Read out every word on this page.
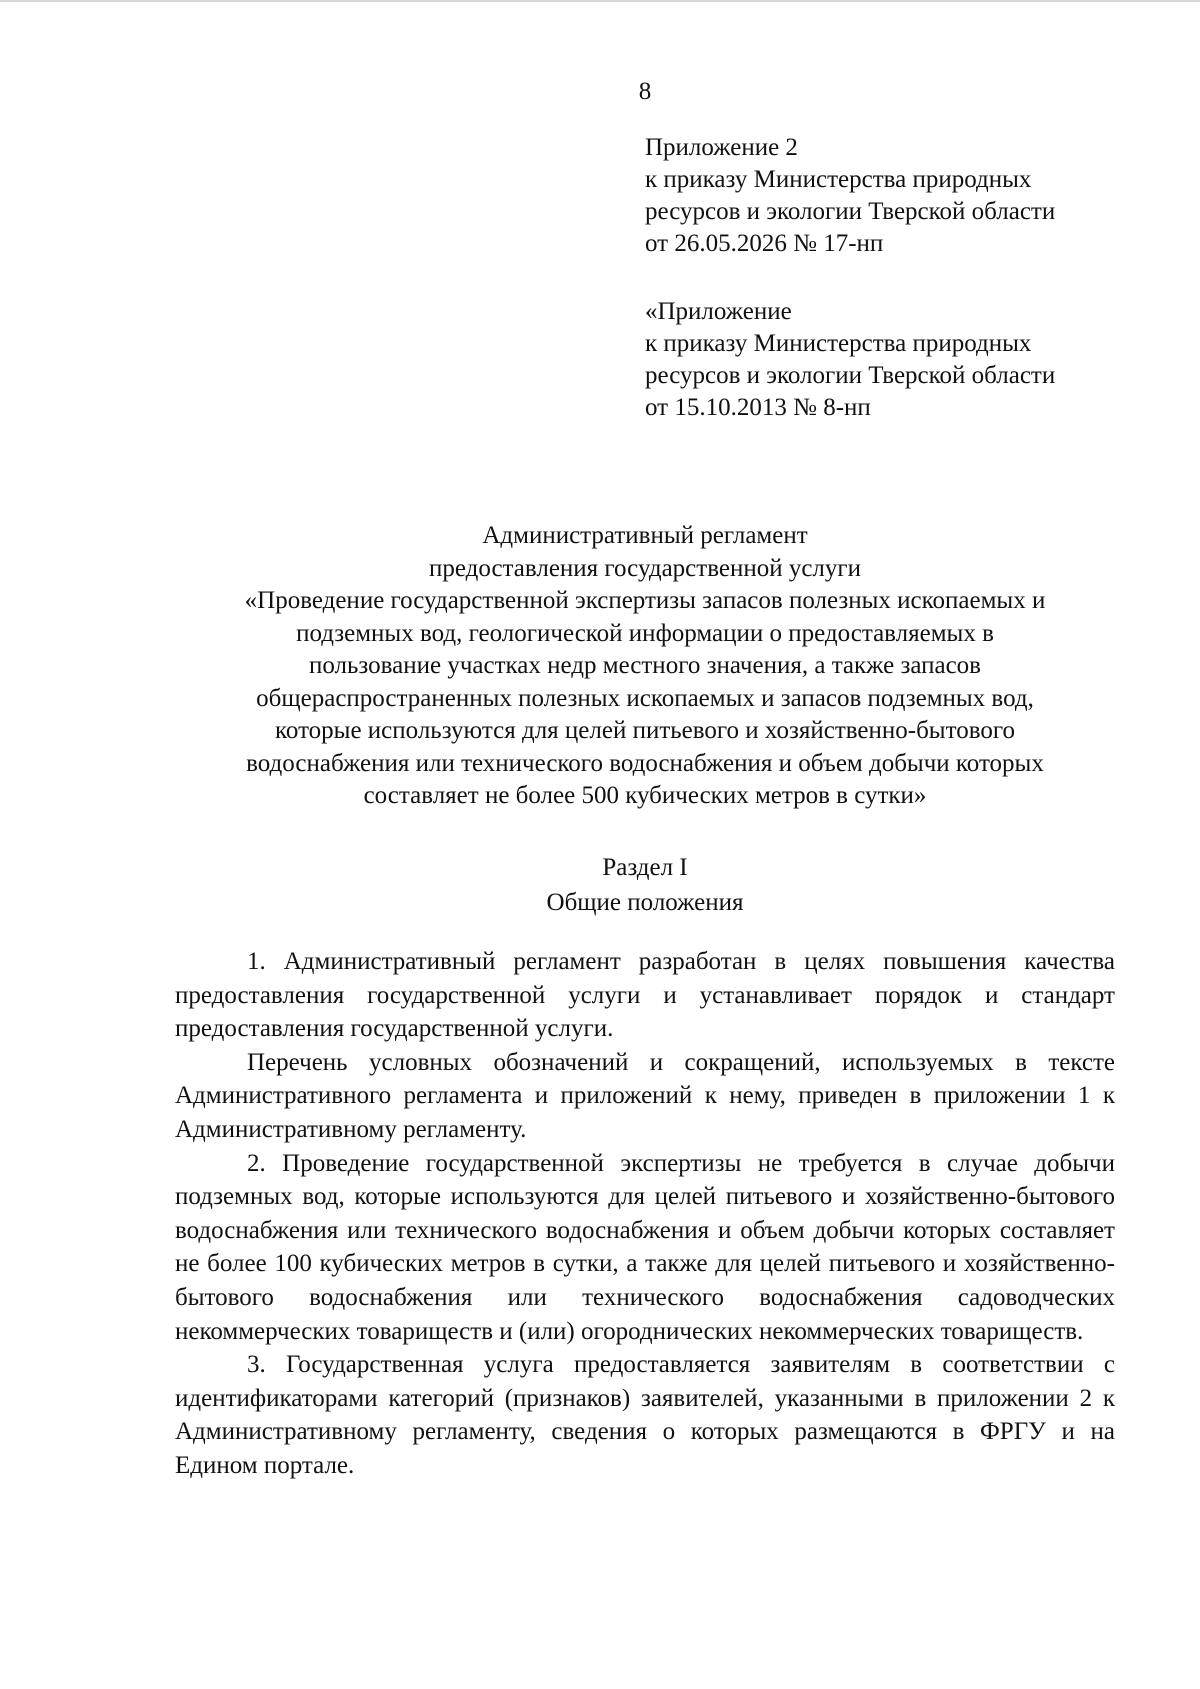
8
Приложение 2
к приказу Министерства природных
ресурсов и экологии Тверской области
от 26.05.2026 № 17-нп
«Приложение
к приказу Министерства природных
ресурсов и экологии Тверской области
от 15.10.2013 № 8-нп
Административный регламент
предоставления государственной услуги
«Проведение государственной экспертизы запасов полезных ископаемых и
подземных вод, геологической информации о предоставляемых в
пользование участках недр местного значения, а также запасов
общераспространенных полезных ископаемых и запасов подземных вод,
которые используются для целей питьевого и хозяйственно-бытового
водоснабжения или технического водоснабжения и объем добычи которых
составляет не более 500 кубических метров в сутки»
Раздел I
Общие положения

1. Административный регламент разработан в целях повышения качества предоставления государственной услуги и устанавливает порядок и стандарт предоставления государственной услуги.

Перечень условных обозначений и сокращений, используемых в тексте Административного регламента и приложений к нему, приведен в приложении 1 к Административному регламенту.

2. Проведение государственной экспертизы не требуется в случае добычи подземных вод, которые используются для целей питьевого и хозяйственно-бытового водоснабжения или технического водоснабжения и объем добычи которых составляет не более 100 кубических метров в сутки, а также для целей питьевого и хозяйственно-бытового водоснабжения или технического водоснабжения садоводческих некоммерческих товариществ и (или) огороднических некоммерческих товариществ.

3. Государственная услуга предоставляется заявителям в соответствии с идентификаторами категорий (признаков) заявителей, указанными в приложении 2 к Административному регламенту, сведения о которых размещаются в ФРГУ и на Едином портале.
